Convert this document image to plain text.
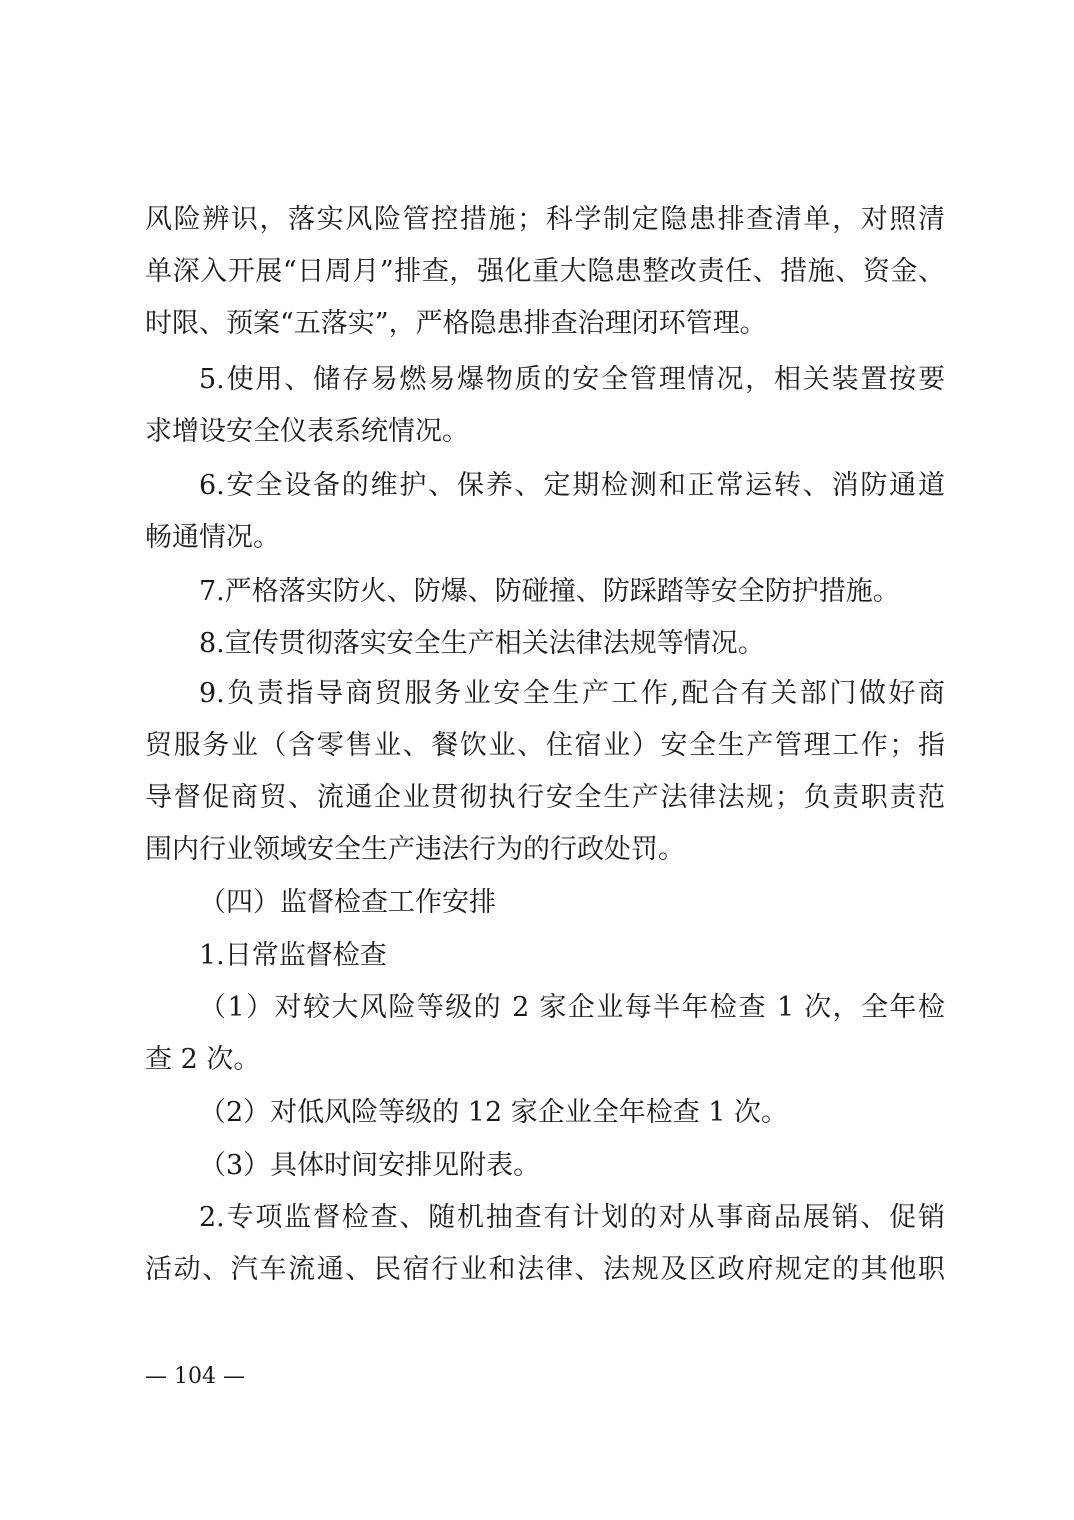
风险辨识，落实风险管控措施；科学制定隐患排查清单，对照清
单深入开展“日周月”排查，强化重大隐患整改责任、措施、资金、
时限、预案“五落实”，严格隐患排查治理闭环管理。
5.使用、储存易燃易爆物质的安全管理情况，相关装置按要
求增设安全仪表系统情况。
6.安全设备的维护、保养、定期检测和正常运转、消防通道
畅通情况。
7.严格落实防火、防爆、防碰撞、防踩踏等安全防护措施。
8.宣传贯彻落实安全生产相关法律法规等情况。
9.负责指导商贸服务业安全生产工作,配合有关部门做好商
贸服务业（含零售业、餐饮业、住宿业）安全生产管理工作；指
导督促商贸、流通企业贯彻执行安全生产法律法规；负责职责范
围内行业领域安全生产违法行为的行政处罚。
（四）监督检查工作安排
1.日常监督检查
（1）对较大风险等级的 2 家企业每半年检查 1 次，全年检
查 2 次。
（2）对低风险等级的 12 家企业全年检查 1 次。
（3）具体时间安排见附表。
2.专项监督检查、随机抽查有计划的对从事商品展销、促销
活动、汽车流通、民宿行业和法律、法规及区政府规定的其他职
— 104 —
